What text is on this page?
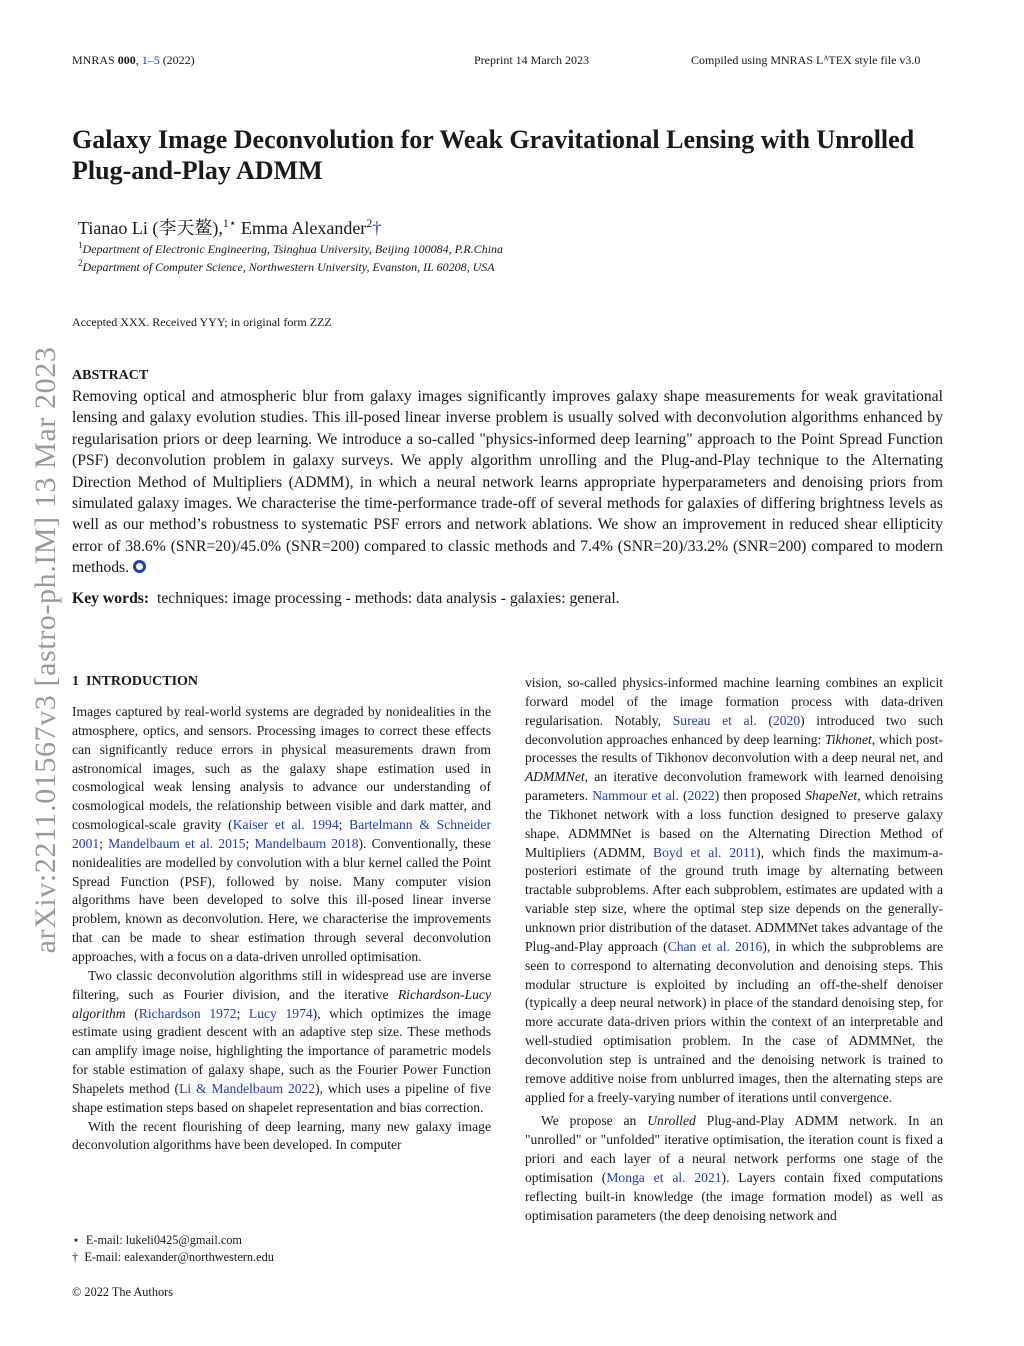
MNRAS 000, 1–5 (2022)	Preprint 14 March 2023	Compiled using MNRAS LᴬTEX style file v3.0
arXiv:2211.01567v3 [astro-ph.IM] 13 Mar 2023
Galaxy Image Deconvolution for Weak Gravitational Lensing with Unrolled Plug-and-Play ADMM
Tianao Li (李天鳌),$^{1⋆}$ Emma Alexander$^2$†
$^1$Department of Electronic Engineering, Tsinghua University, Beijing 100084, P.R.China
$^2$Department of Computer Science, Northwestern University, Evanston, IL 60208, USA
Accepted XXX. Received YYY; in original form ZZZ
ABSTRACT
Removing optical and atmospheric blur from galaxy images significantly improves galaxy shape measurements for weak gravitational lensing and galaxy evolution studies. This ill-posed linear inverse problem is usually solved with deconvolution algorithms enhanced by regularisation priors or deep learning. We introduce a so-called "physics-informed deep learning" approach to the Point Spread Function (PSF) deconvolution problem in galaxy surveys. We apply algorithm unrolling and the Plug-and-Play technique to the Alternating Direction Method of Multipliers (ADMM), in which a neural network learns appropriate hyperparameters and denoising priors from simulated galaxy images. We characterise the time-performance trade-off of several methods for galaxies of differing brightness levels as well as our method’s robustness to systematic PSF errors and network ablations. We show an improvement in reduced shear ellipticity error of 38.6% (SNR=20)/45.0% (SNR=200) compared to classic methods and 7.4% (SNR=20)/33.2% (SNR=200) compared to modern methods.
Key words: techniques: image processing - methods: data analysis - galaxies: general.
1 INTRODUCTION

Images captured by real-world systems are degraded by nonidealities in the atmosphere, optics, and sensors. Processing images to correct these effects can significantly reduce errors in physical measurements drawn from astronomical images, such as the galaxy shape estimation used in cosmological weak lensing analysis to advance our understanding of cosmological models, the relationship between visible and dark matter, and cosmological-scale gravity (Kaiser et al. 1994; Bartelmann & Schneider 2001; Mandelbaum et al. 2015; Mandelbaum 2018). Conventionally, these nonidealities are modelled by convolution with a blur kernel called the Point Spread Function (PSF), followed by noise. Many computer vision algorithms have been developed to solve this ill-posed linear inverse problem, known as deconvolution. Here, we characterise the improvements that can be made to shear estimation through several deconvolution approaches, with a focus on a data-driven unrolled optimisation.

Two classic deconvolution algorithms still in widespread use are inverse filtering, such as Fourier division, and the iterative Richardson-Lucy algorithm (Richardson 1972; Lucy 1974), which optimizes the image estimate using gradient descent with an adaptive step size. These methods can amplify image noise, highlighting the importance of parametric models for stable estimation of galaxy shape, such as the Fourier Power Function Shapelets method (Li & Mandelbaum 2022), which uses a pipeline of five shape estimation steps based on shapelet representation and bias correction.

With the recent flourishing of deep learning, many new galaxy image deconvolution algorithms have been developed. In computer

vision, so-called physics-informed machine learning combines an explicit forward model of the image formation process with data-driven regularisation. Notably, Sureau et al. (2020) introduced two such deconvolution approaches enhanced by deep learning: Tikhonet, which post-processes the results of Tikhonov deconvolution with a deep neural net, and ADMMNet, an iterative deconvolution framework with learned denoising parameters. Nammour et al. (2022) then proposed ShapeNet, which retrains the Tikhonet network with a loss function designed to preserve galaxy shape. ADMMNet is based on the Alternating Direction Method of Multipliers (ADMM, Boyd et al. 2011), which finds the maximum-a-posteriori estimate of the ground truth image by alternating between tractable subproblems. After each subproblem, estimates are updated with a variable step size, where the optimal step size depends on the generally-unknown prior distribution of the dataset. ADMMNet takes advantage of the Plug-and-Play approach (Chan et al. 2016), in which the subproblems are seen to correspond to alternating deconvolution and denoising steps. This modular structure is exploited by including an off-the-shelf denoiser (typically a deep neural network) in place of the standard denoising step, for more accurate data-driven priors within the context of an interpretable and well-studied optimisation problem. In the case of ADMMNet, the deconvolution step is untrained and the denoising network is trained to remove additive noise from unblurred images, then the alternating steps are applied for a freely-varying number of iterations until convergence.

We propose an Unrolled Plug-and-Play ADMM network. In an "unrolled" or "unfolded" iterative optimisation, the iteration count is fixed a priori and each layer of a neural network performs one stage of the optimisation (Monga et al. 2021). Layers contain fixed computations reflecting built-in knowledge (the image formation model) as well as optimisation parameters (the deep denoising network and

⋆ E-mail: lukeli0425@gmail.com
† E-mail: ealexander@northwestern.edu
© 2022 The Authors
